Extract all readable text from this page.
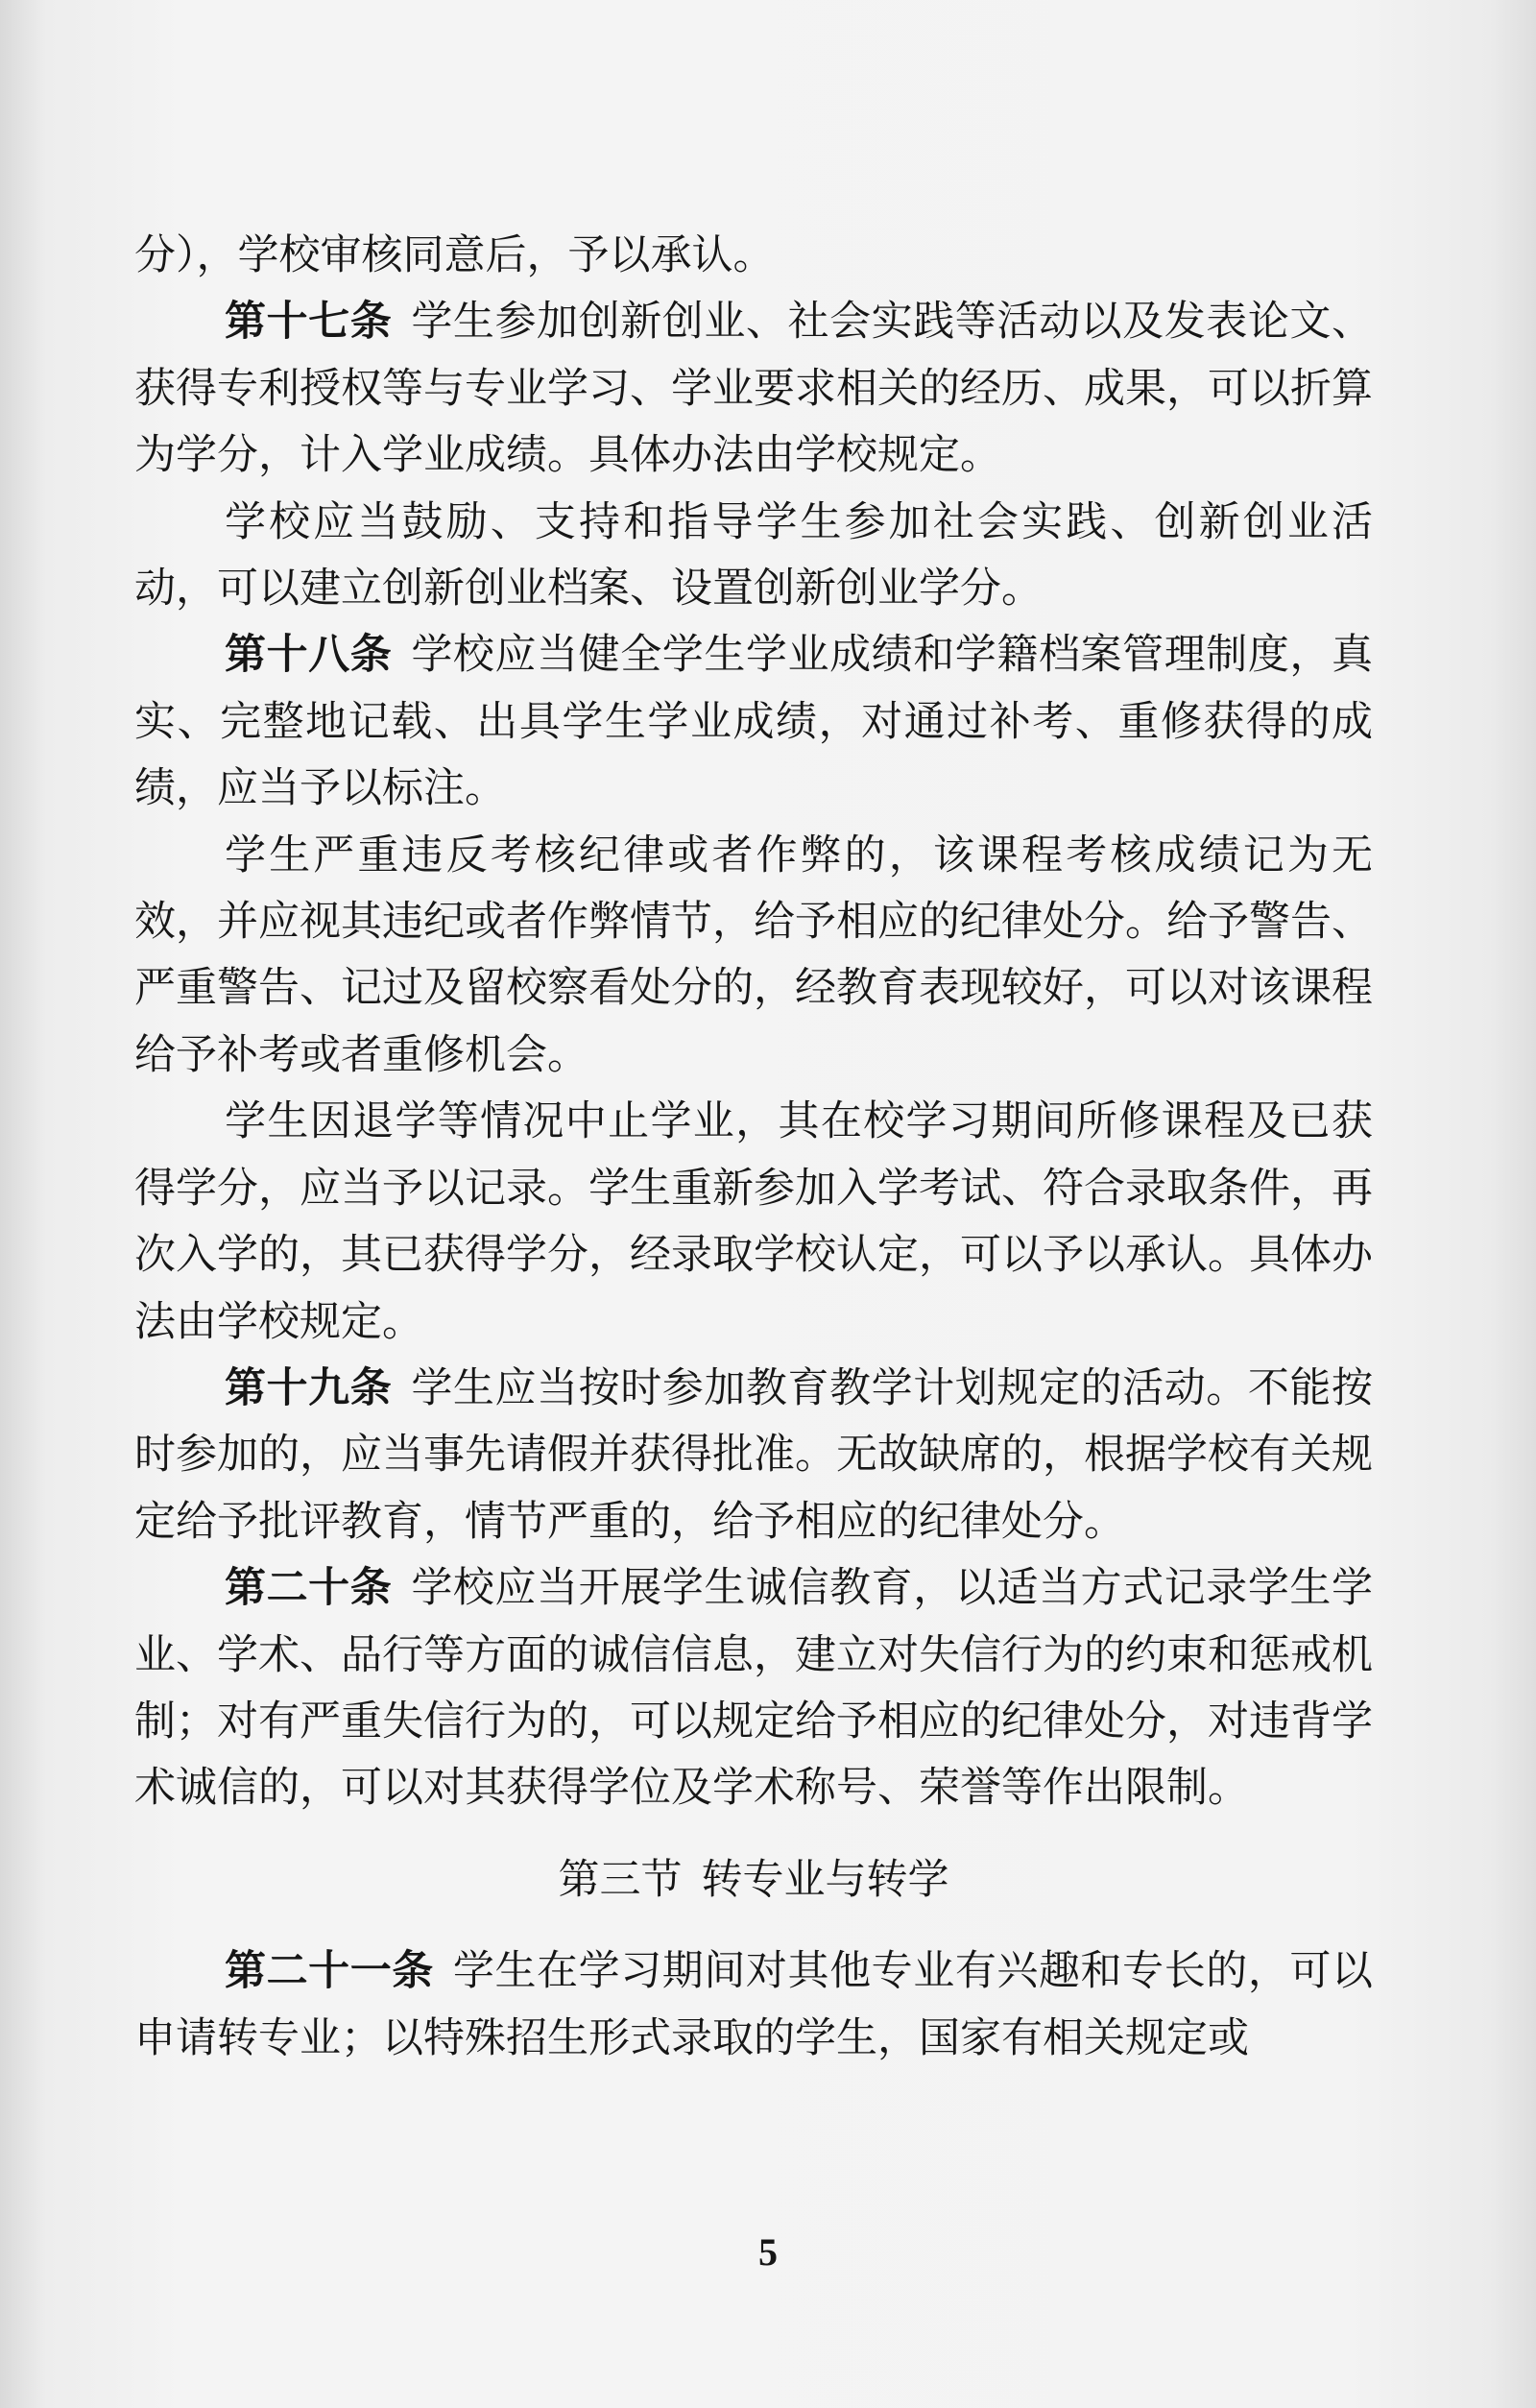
分），学校审核同意后，予以承认。

第十七条 学生参加创新创业、社会实践等活动以及发表论文、获得专利授权等与专业学习、学业要求相关的经历、成果，可以折算为学分，计入学业成绩。具体办法由学校规定。

学校应当鼓励、支持和指导学生参加社会实践、创新创业活动，可以建立创新创业档案、设置创新创业学分。

第十八条 学校应当健全学生学业成绩和学籍档案管理制度，真实、完整地记载、出具学生学业成绩，对通过补考、重修获得的成绩，应当予以标注。

学生严重违反考核纪律或者作弊的，该课程考核成绩记为无效，并应视其违纪或者作弊情节，给予相应的纪律处分。给予警告、严重警告、记过及留校察看处分的，经教育表现较好，可以对该课程给予补考或者重修机会。

学生因退学等情况中止学业，其在校学习期间所修课程及已获得学分，应当予以记录。学生重新参加入学考试、符合录取条件，再次入学的，其已获得学分，经录取学校认定，可以予以承认。具体办法由学校规定。

第十九条 学生应当按时参加教育教学计划规定的活动。不能按时参加的，应当事先请假并获得批准。无故缺席的，根据学校有关规定给予批评教育，情节严重的，给予相应的纪律处分。

第二十条 学校应当开展学生诚信教育，以适当方式记录学生学业、学术、品行等方面的诚信信息，建立对失信行为的约束和惩戒机制；对有严重失信行为的，可以规定给予相应的纪律处分，对违背学术诚信的，可以对其获得学位及学术称号、荣誉等作出限制。

第三节 转专业与转学

第二十一条 学生在学习期间对其他专业有兴趣和专长的，可以申请转专业；以特殊招生形式录取的学生，国家有相关规定或

5
